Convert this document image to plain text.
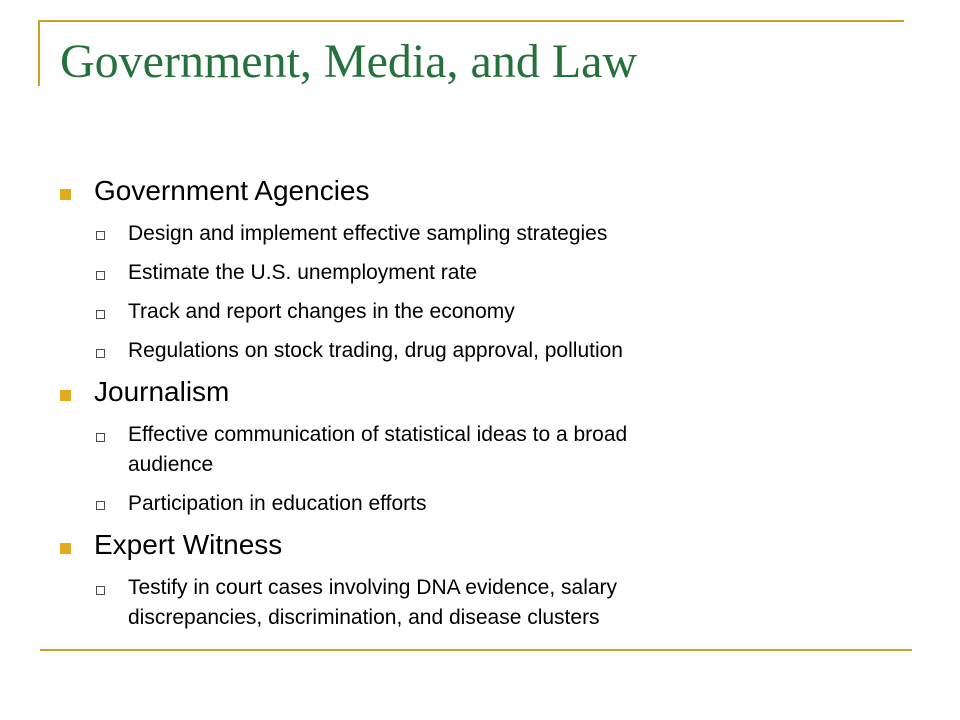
Government, Media, and Law
Government Agencies
Design and implement effective sampling strategies
Estimate the U.S. unemployment rate
Track and report changes in the economy
Regulations on stock trading, drug approval, pollution
Journalism
Effective communication of statistical ideas to a broad
audience
Participation in education efforts
Expert Witness
Testify in court cases involving DNA evidence, salary
discrepancies, discrimination, and disease clusters
